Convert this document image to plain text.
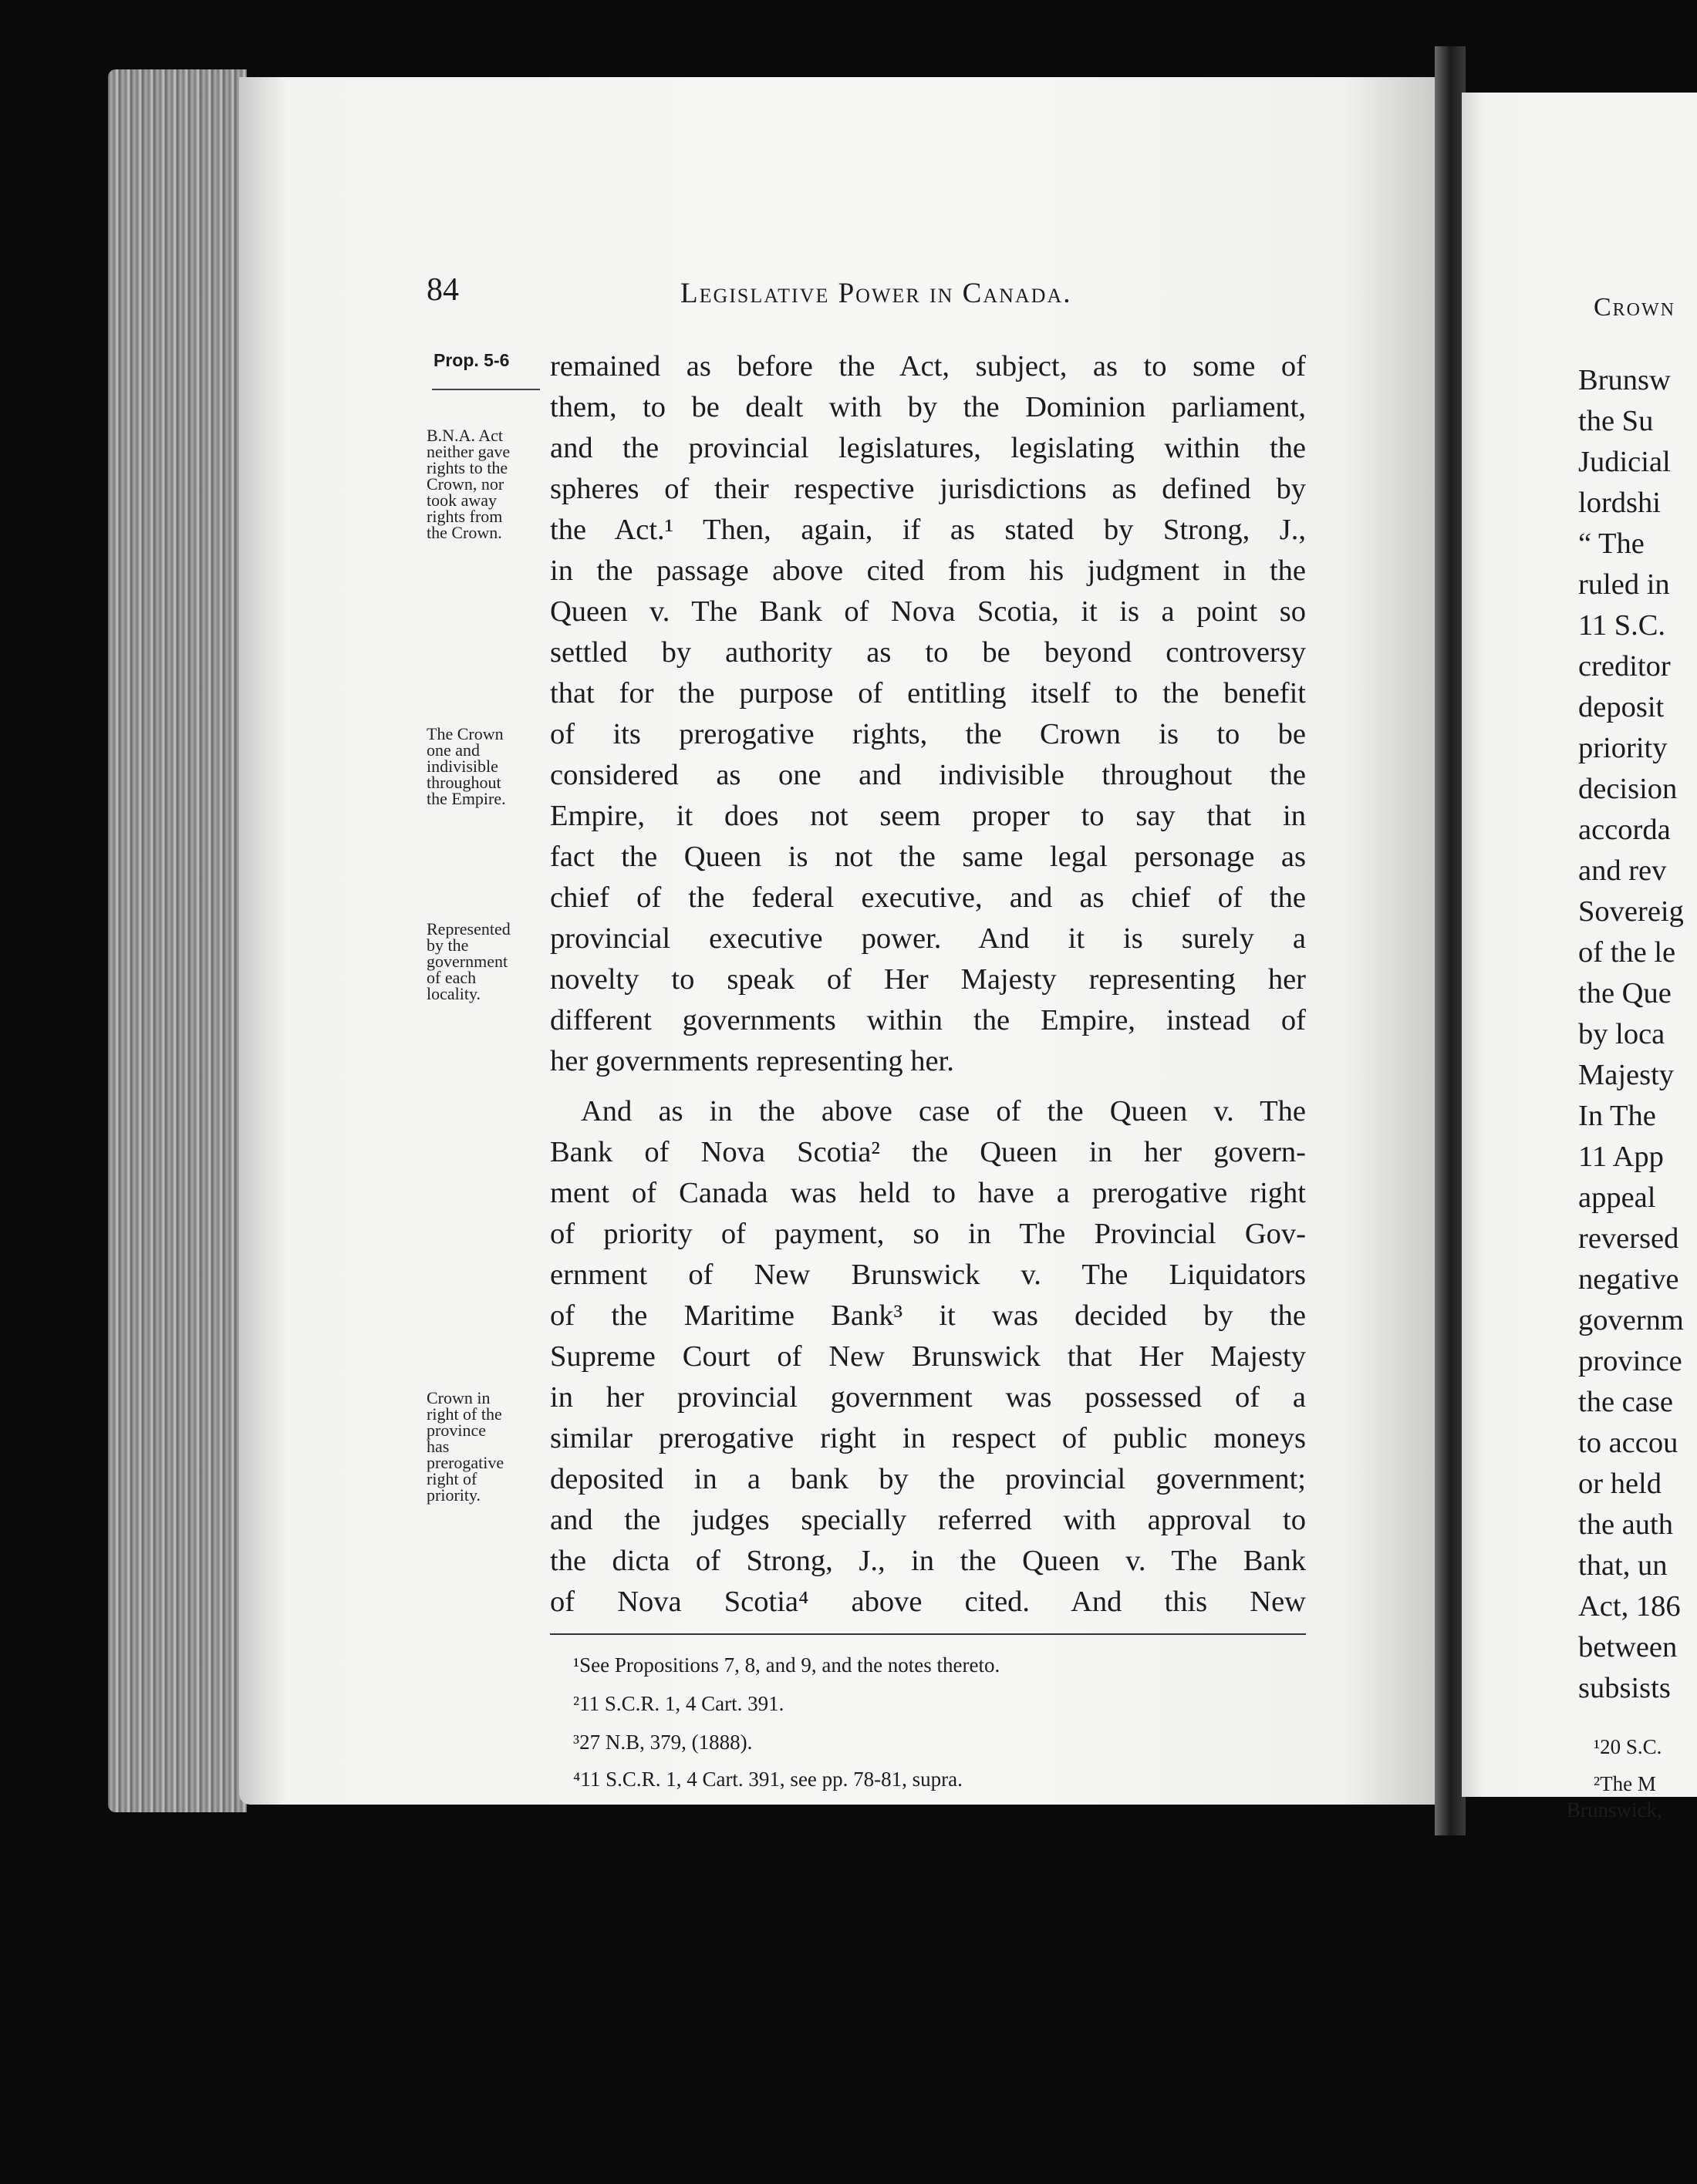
84	Legislative Power in Canada.
Prop. 5-6
B.N.A. Act
neither gave
rights to the
Crown, nor
took away
rights from
the Crown.
The Crown
one and
indivisible
throughout
the Empire.
Represented
by the
government
of each
locality.
Crown in
right of the
province
has
prerogative
right of
priority.
remained as before the Act, subject, as to some of
them, to be dealt with by the Dominion parliament,
and the provincial legislatures, legislating within the
spheres of their respective jurisdictions as defined by
the Act.¹ Then, again, if as stated by Strong, J.,
in the passage above cited from his judgment in the
Queen v. The Bank of Nova Scotia, it is a point so
settled by authority as to be beyond controversy
that for the purpose of entitling itself to the benefit
of its prerogative rights, the Crown is to be
considered as one and indivisible throughout the
Empire, it does not seem proper to say that in
fact the Queen is not the same legal personage as
chief of the federal executive, and as chief of the
provincial executive power. And it is surely a
novelty to speak of Her Majesty representing her
different governments within the Empire, instead of
her governments representing her.
And as in the above case of the Queen v. The
Bank of Nova Scotia² the Queen in her govern-
ment of Canada was held to have a prerogative right
of priority of payment, so in The Provincial Gov-
ernment of New Brunswick v. The Liquidators
of the Maritime Bank³ it was decided by the
Supreme Court of New Brunswick that Her Majesty
in her provincial government was possessed of a
similar prerogative right in respect of public moneys
deposited in a bank by the provincial government;
and the judges specially referred with approval to
the dicta of Strong, J., in the Queen v. The Bank
of Nova Scotia⁴ above cited. And this New
¹See Propositions 7, 8, and 9, and the notes thereto.
²11 S.C.R. 1, 4 Cart. 391.
³27 N.B, 379, (1888).
⁴11 S.C.R. 1, 4 Cart. 391, see pp. 78-81, supra.
Crown
Brunsw
the Su
Judicial
lordshi
“ The
ruled in
11 S.C.
creditor
deposit
priority
decision
accorda
and rev
Sovereig
of the le
the Que
by loca
Majesty
In The
11 App
appeal
reversed
negative
governm
province
the case
to accou
or held
the auth
that, un
Act, 186
between
subsists
¹20 S.C.
²The M
Brunswick,
